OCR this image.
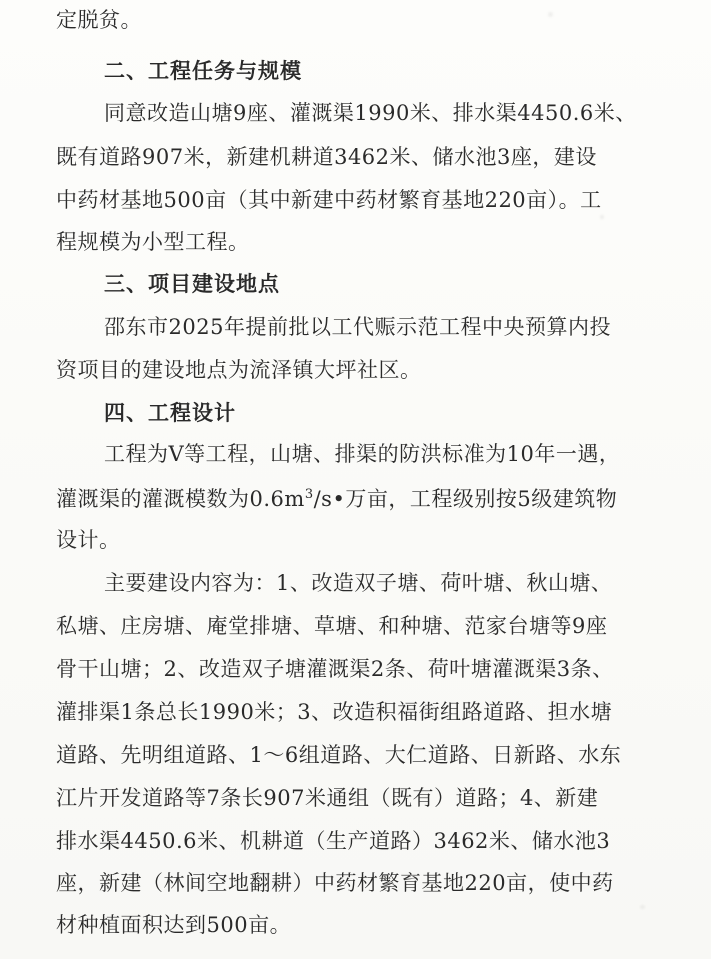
定脱贫。
二、工程任务与规模
同意改造山塘9座、灌溉渠1990米、排水渠4450.6米、
既有道路907米，新建机耕道3462米、储水池3座，建设
中药材基地500亩（其中新建中药材繁育基地220亩）。工
程规模为小型工程。
三、项目建设地点
邵东市2025年提前批以工代赈示范工程中央预算内投
资项目的建设地点为流泽镇大坪社区。
四、工程设计
工程为Ⅴ等工程，山塘、排渠的防洪标准为10年一遇，
灌溉渠的灌溉模数为$0.6m^3/s•$万亩，工程级别按5级建筑物
设计。
主要建设内容为：1、改造双子塘、荷叶塘、秋山塘、
私塘、庄房塘、庵堂排塘、草塘、和种塘、范家台塘等9座
骨干山塘；2、改造双子塘灌溉渠2条、荷叶塘灌溉渠3条、
灌排渠1条总长1990米；3、改造积福街组路道路、担水塘
道路、先明组道路、1～6组道路、大仁道路、日新路、水东
江片开发道路等7条长907米通组（既有）道路；4、新建
排水渠4450.6米、机耕道（生产道路）3462米、储水池3
座，新建（林间空地翻耕）中药材繁育基地220亩，使中药
材种植面积达到500亩。
